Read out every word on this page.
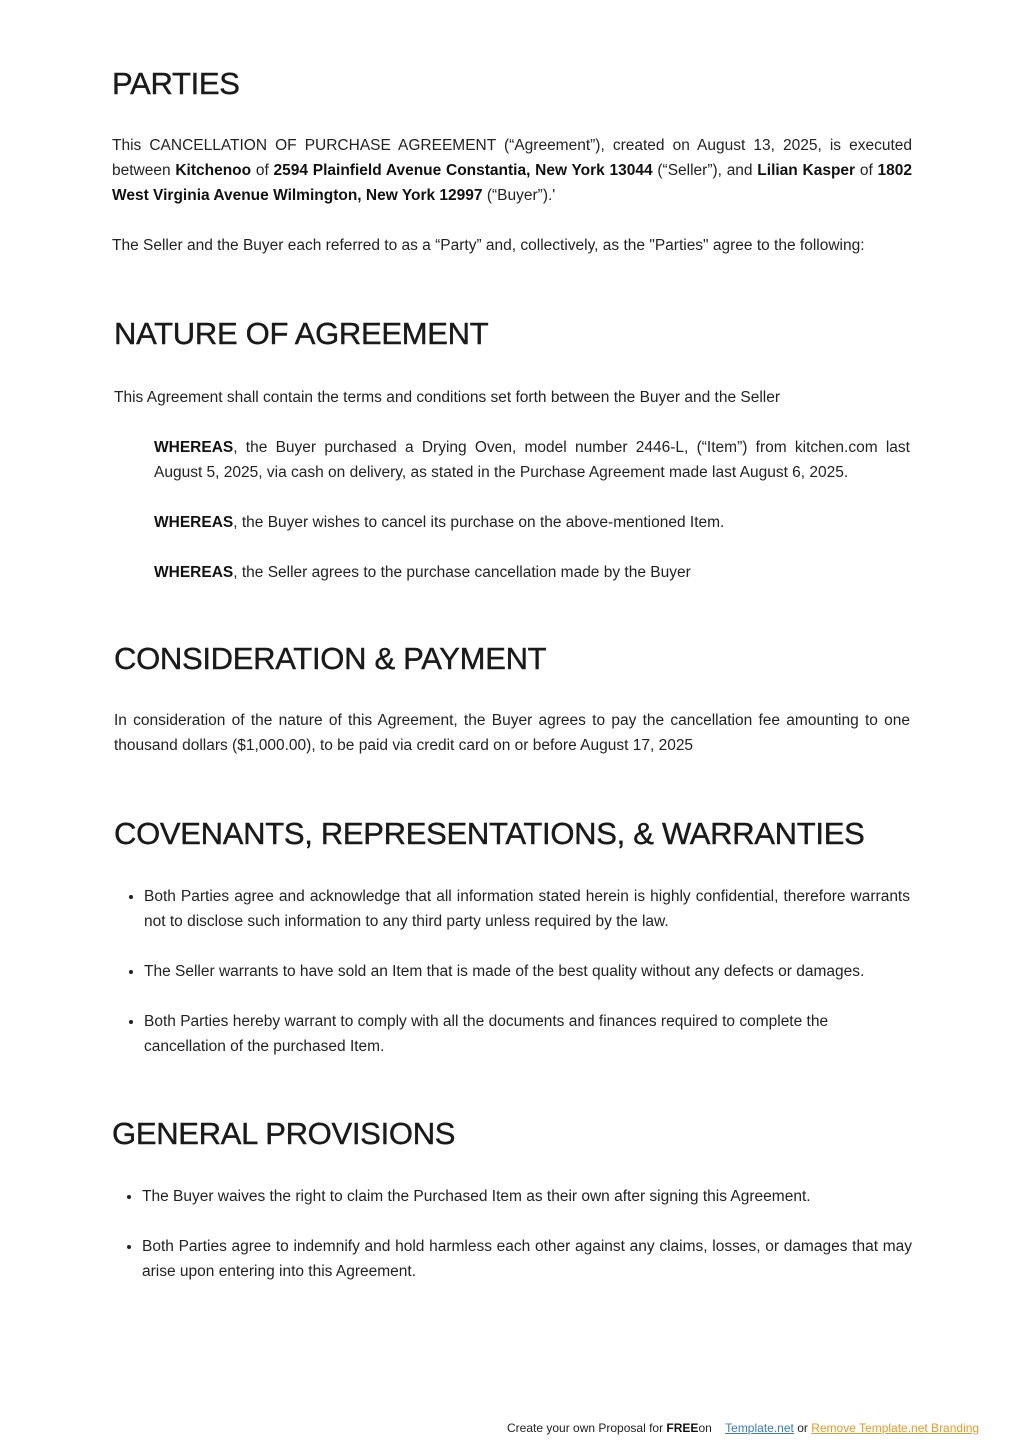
PARTIES

This CANCELLATION OF PURCHASE AGREEMENT (“Agreement”), created on August 13, 2025, is executed between Kitchenoo of 2594 Plainfield Avenue Constantia, New York 13044 (“Seller”), and Lilian Kasper of 1802 West Virginia Avenue Wilmington, New York 12997 (“Buyer”).'

The Seller and the Buyer each referred to as a “Party” and, collectively, as the "Parties" agree to the following:

NATURE OF AGREEMENT

This Agreement shall contain the terms and conditions set forth between the Buyer and the Seller

WHEREAS, the Buyer purchased a Drying Oven, model number 2446-L, (“Item”) from kitchen.com last August 5, 2025, via cash on delivery, as stated in the Purchase Agreement made last August 6, 2025.

WHEREAS, the Buyer wishes to cancel its purchase on the above-mentioned Item.

WHEREAS, the Seller agrees to the purchase cancellation made by the Buyer

CONSIDERATION & PAYMENT

In consideration of the nature of this Agreement, the Buyer agrees to pay the cancellation fee amounting to one thousand dollars ($1,000.00), to be paid via credit card on or before August 17, 2025

COVENANTS, REPRESENTATIONS, & WARRANTIES
• Both Parties agree and acknowledge that all information stated herein is highly confidential, therefore warrants not to disclose such information to any third party unless required by the law.
• The Seller warrants to have sold an Item that is made of the best quality without any defects or damages.
• Both Parties hereby warrant to comply with all the documents and finances required to complete the cancellation of the purchased Item.
GENERAL PROVISIONS
• The Buyer waives the right to claim the Purchased Item as their own after signing this Agreement.
• Both Parties agree to indemnify and hold harmless each other against any claims, losses, or damages that may arise upon entering into this Agreement.
Create your own Proposal for FREEon Template.net or Remove Template.net Branding
